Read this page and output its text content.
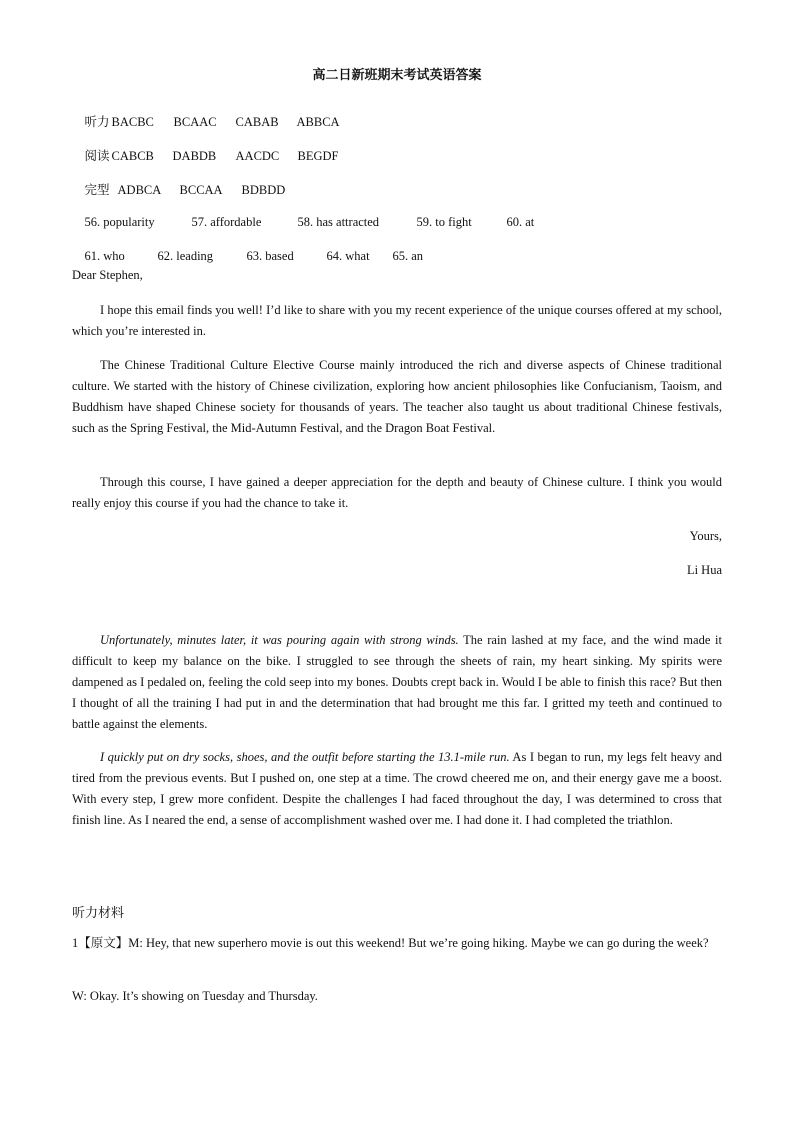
高二日新班期末考试英语答案

听力 BACBC BCAAC CABAB ABBCA

阅读 CABCB DABDB AACDC BEGDF

完型 ADBCA BCCAA BDBDD

56. popularity	57. affordable	58. has attracted	59. to fight	60. at

61. who	62. leading	63. based	64. what 65. an

Dear Stephen,
I hope this email finds you well! I’d like to share with you my recent experience of the unique courses offered at my school, which you’re interested in.
The Chinese Traditional Culture Elective Course mainly introduced the rich and diverse aspects of Chinese traditional culture. We started with the history of Chinese civilization, exploring how ancient philosophies like Confucianism, Taoism, and Buddhism have shaped Chinese society for thousands of years. The teacher also taught us about traditional Chinese festivals, such as the Spring Festival, the Mid-Autumn Festival, and the Dragon Boat Festival.
Through this course, I have gained a deeper appreciation for the depth and beauty of Chinese culture. I think you would really enjoy this course if you had the chance to take it.
Yours,
Li Hua
Unfortunately, minutes later, it was pouring again with strong winds. The rain lashed at my face, and the wind made it difficult to keep my balance on the bike. I struggled to see through the sheets of rain, my heart sinking. My spirits were dampened as I pedaled on, feeling the cold seep into my bones. Doubts crept back in. Would I be able to finish this race? But then I thought of all the training I had put in and the determination that had brought me this far. I gritted my teeth and continued to battle against the elements.
I quickly put on dry socks, shoes, and the outfit before starting the 13.1-mile run. As I began to run, my legs felt heavy and tired from the previous events. But I pushed on, one step at a time. The crowd cheered me on, and their energy gave me a boost. With every step, I grew more confident. Despite the challenges I had faced throughout the day, I was determined to cross that finish line. As I neared the end, a sense of accomplishment washed over me. I had done it. I had completed the triathlon.
听力材料
1【原文】M: Hey, that new superhero movie is out this weekend! But we’re going hiking. Maybe we can go during the week?
W: Okay. It’s showing on Tuesday and Thursday.
